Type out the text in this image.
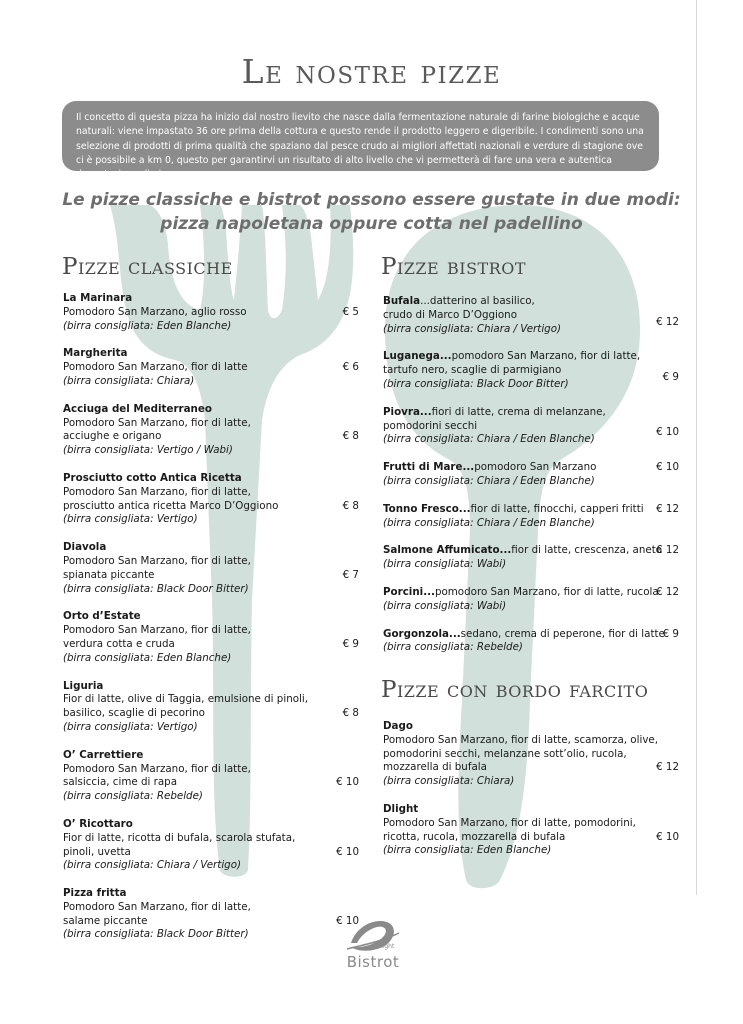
Le nostre pizze
Il concetto di questa pizza ha inizio dal nostro lievito che nasce dalla fermentazione naturale di farine biologiche e acque naturali: viene impastato 36 ore prima della cottura e questo rende il prodotto leggero e digeribile. I condimenti sono una selezione di prodotti di prima qualità che spaziano dal pesce crudo ai migliori affettati nazionali e verdure di stagione ove ci è possibile a km 0, questo per garantirvi un risultato di alto livello che vi permetterà di fare una vera e autentica degustazione di pizza.
Le pizze classiche e bistrot possono essere gustate in due modi:
pizza napoletana oppure cotta nel padellino
Pizze classiche	Pizze bistrot
Pizze con bordo farcito
La Marinara
Pomodoro San Marzano, aglio rosso
(birra consigliata: Eden Blanche)
€ 5
Margherita
Pomodoro San Marzano, fior di latte
(birra consigliata: Chiara)
€ 6
Acciuga del Mediterraneo
Pomodoro San Marzano, fior di latte,
acciughe e origano
(birra consigliata: Vertigo / Wabi)
€ 8
Prosciutto cotto Antica Ricetta
Pomodoro San Marzano, fior di latte,
prosciutto antica ricetta Marco D’Oggiono
(birra consigliata: Vertigo)
€ 8
Diavola
Pomodoro San Marzano, fior di latte,
spianata piccante
(birra consigliata: Black Door Bitter)
€ 7
Orto d’Estate
Pomodoro San Marzano, fior di latte,
verdura cotta e cruda
(birra consigliata: Eden Blanche)
€ 9
Liguria
Fior di latte, olive di Taggia, emulsione di pinoli,
basilico, scaglie di pecorino
(birra consigliata: Vertigo)
€ 8
O’ Carrettiere
Pomodoro San Marzano, fior di latte,
salsiccia, cime di rapa
(birra consigliata: Rebelde)
€ 10
O’ Ricottaro
Fior di latte, ricotta di bufala, scarola stufata,
pinoli, uvetta
(birra consigliata: Chiara / Vertigo)
€ 10
Pizza fritta
Pomodoro San Marzano, fior di latte,
salame piccante
(birra consigliata: Black Door Bitter)
€ 10
Bufala...datterino al basilico,
crudo di Marco D’Oggiono
(birra consigliata: Chiara / Vertigo)
€ 12
Luganega...pomodoro San Marzano, fior di latte,
tartufo nero, scaglie di parmigiano
(birra consigliata: Black Door Bitter)
€ 9
Piovra...fiori di latte, crema di melanzane,
pomodorini secchi
(birra consigliata: Chiara / Eden Blanche)
€ 10
Frutti di Mare...pomodoro San Marzano
(birra consigliata: Chiara / Eden Blanche)
€ 10
Tonno Fresco...fior di latte, finocchi, capperi fritti
(birra consigliata: Chiara / Eden Blanche)
€ 12
Salmone Affumicato...fior di latte, crescenza, aneto
(birra consigliata: Wabi)
€ 12
Porcini...pomodoro San Marzano, fior di latte, rucola
(birra consigliata: Wabi)
€ 12
Gorgonzola...sedano, crema di peperone, fior di latte
(birra consigliata: Rebelde)
€ 9
Dago
Pomodoro San Marzano, fior di latte, scamorza, olive,
pomodorini secchi, melanzane sott’olio, rucola,
mozzarella di bufala
(birra consigliata: Chiara)
€ 12
Dlight
Pomodoro San Marzano, fior di latte, pomodorini,
ricotta, rucola, mozzarella di bufala
(birra consigliata: Eden Blanche)
€ 10
light
Bistrot
